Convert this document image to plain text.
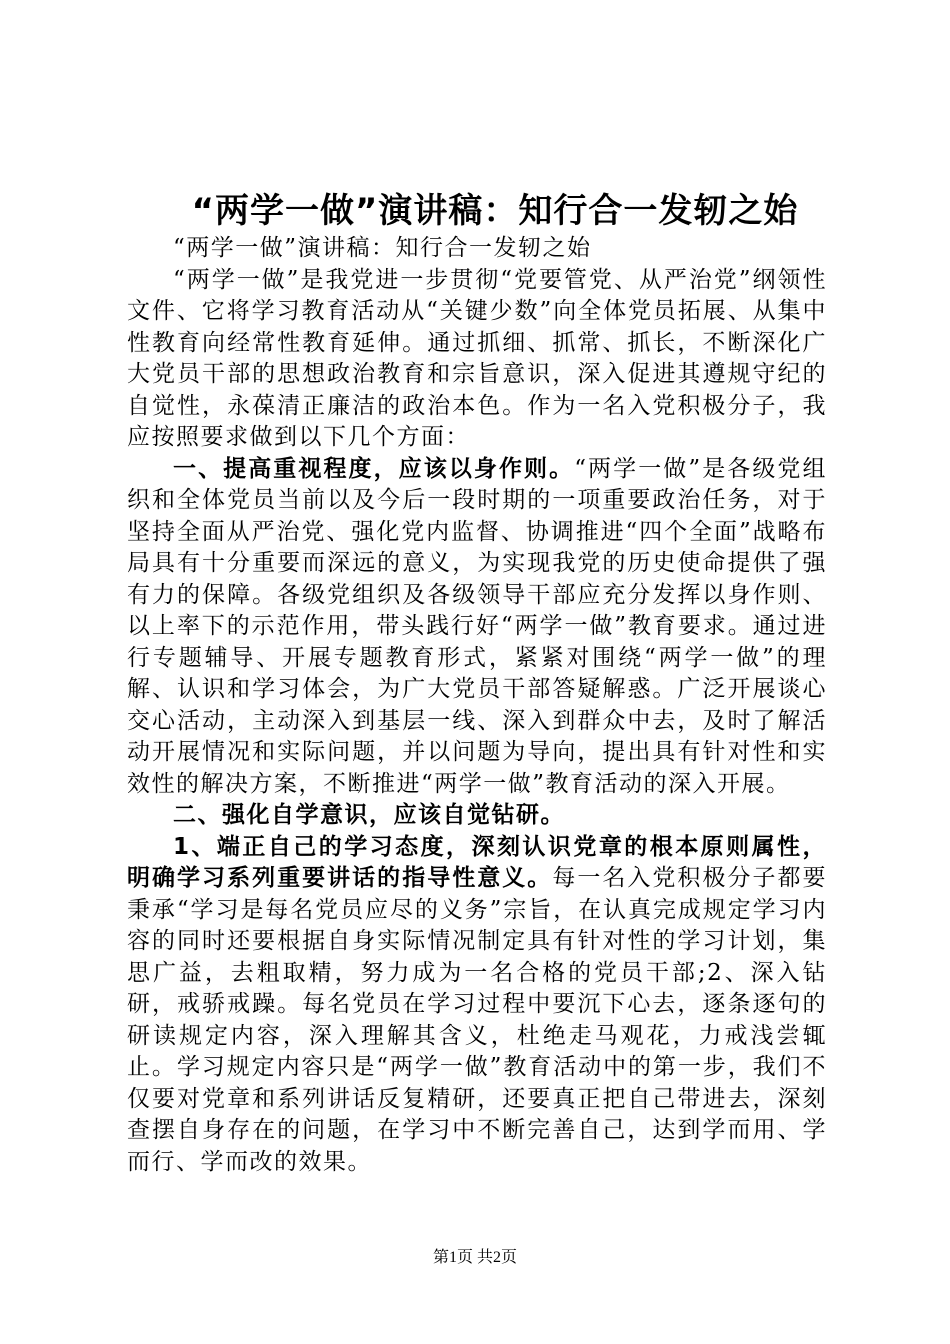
“两学一做”演讲稿：知行合一发轫之始

“两学一做”演讲稿：知行合一发轫之始

“两学一做”是我党进一步贯彻“党要管党、从严治党”纲领性文件、它将学习教育活动从“关键少数”向全体党员拓展、从集中性教育向经常性教育延伸。通过抓细、抓常、抓长，不断深化广大党员干部的思想政治教育和宗旨意识，深入促进其遵规守纪的自觉性，永葆清正廉洁的政治本色。作为一名入党积极分子，我应按照要求做到以下几个方面：

一、提高重视程度，应该以身作则。“两学一做”是各级党组织和全体党员当前以及今后一段时期的一项重要政治任务，对于坚持全面从严治党、强化党内监督、协调推进“四个全面”战略布局具有十分重要而深远的意义，为实现我党的历史使命提供了强有力的保障。各级党组织及各级领导干部应充分发挥以身作则、以上率下的示范作用，带头践行好“两学一做”教育要求。通过进行专题辅导、开展专题教育形式，紧紧对围绕“两学一做”的理解、认识和学习体会，为广大党员干部答疑解惑。广泛开展谈心交心活动，主动深入到基层一线、深入到群众中去，及时了解活动开展情况和实际问题，并以问题为导向，提出具有针对性和实效性的解决方案，不断推进“两学一做”教育活动的深入开展。

二、强化自学意识，应该自觉钻研。

1、端正自己的学习态度，深刻认识党章的根本原则属性，明确学习系列重要讲话的指导性意义。每一名入党积极分子都要秉承“学习是每名党员应尽的义务”宗旨，在认真完成规定学习内容的同时还要根据自身实际情况制定具有针对性的学习计划，集思广益，去粗取精，努力成为一名合格的党员干部;2、深入钻研，戒骄戒躁。每名党员在学习过程中要沉下心去，逐条逐句的研读规定内容，深入理解其含义，杜绝走马观花，力戒浅尝辄止。学习规定内容只是“两学一做”教育活动中的第一步，我们不仅要对党章和系列讲话反复精研，还要真正把自己带进去，深刻查摆自身存在的问题，在学习中不断完善自己，达到学而用、学而行、学而改的效果。

第1页 共2页
